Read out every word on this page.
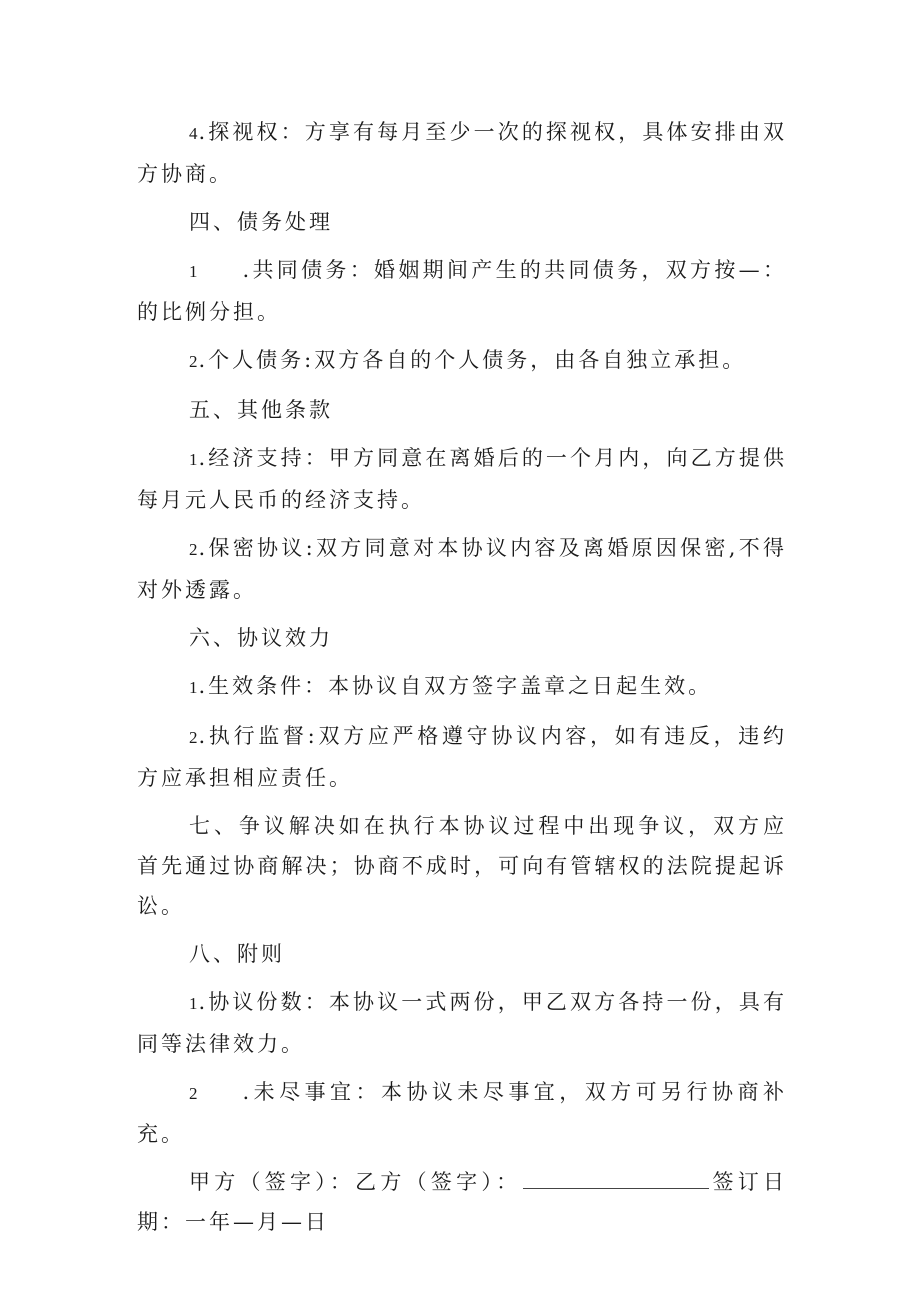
4.探视权：方享有每月至少一次的探视权，具体安排由双方协商。

四、债务处理

1 .共同债务：婚姻期间产生的共同债务，双方按—：的比例分担。

2.个人债务:双方各自的个人债务，由各自独立承担。

五、其他条款

1.经济支持：甲方同意在离婚后的一个月内，向乙方提供每月元人民币的经济支持。

2.保密协议:双方同意对本协议内容及离婚原因保密,不得对外透露。

六、协议效力

1.生效条件：本协议自双方签字盖章之日起生效。

2.执行监督:双方应严格遵守协议内容，如有违反，违约方应承担相应责任。

七、争议解决如在执行本协议过程中出现争议，双方应首先通过协商解决；协商不成时，可向有管辖权的法院提起诉讼。

八、附则

1.协议份数：本协议一式两份，甲乙双方各持一份，具有同等法律效力。

2 .未尽事宜：本协议未尽事宜，双方可另行协商补充。

甲方（签字）：乙方（签字）：	签订日期：一年—月—日
